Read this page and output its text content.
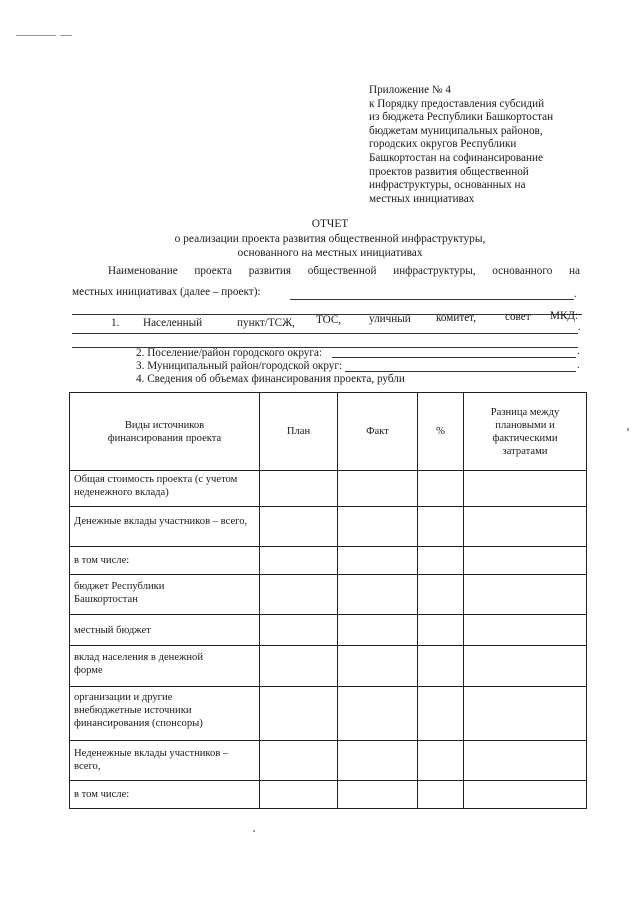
Приложение № 4
к Порядку предоставления субсидий
из бюджета Республики Башкортостан
бюджетам муниципальных районов,
городских округов Республики
Башкортостан на софинансирование
проектов развития общественной
инфраструктуры, основанных на
местных инициативах
ОТЧЕТ
о реализации проекта развития общественной инфраструктуры,
основанного на местных инициативах
Наименование проекта развития общественной инфраструктуры, основанного на
местных инициативах (далее – проект):	.
1. Населенный	пункт/ТСЖ, ТОС, уличный комитет,	совет МКД:
.
2. Поселение/район городского округа:	.
3. Муниципальный район/городской округ:	.
4. Сведения об объемах финансирования проекта, рубли
Виды источников финансирования проекта	План	Факт	%	Разница между плановыми и фактическими затратами
Общая стоимость проекта (с учетом неденежного вклада)				
Денежные вклады участников – всего,				
в том числе:				
бюджет Республики Башкортостан				
местный бюджет				
вклад населения в денежной форме				
организации и другие внебюджетные источники финансирования (спонсоры)				
Неденежные вклады участников – всего,				
в том числе:				
